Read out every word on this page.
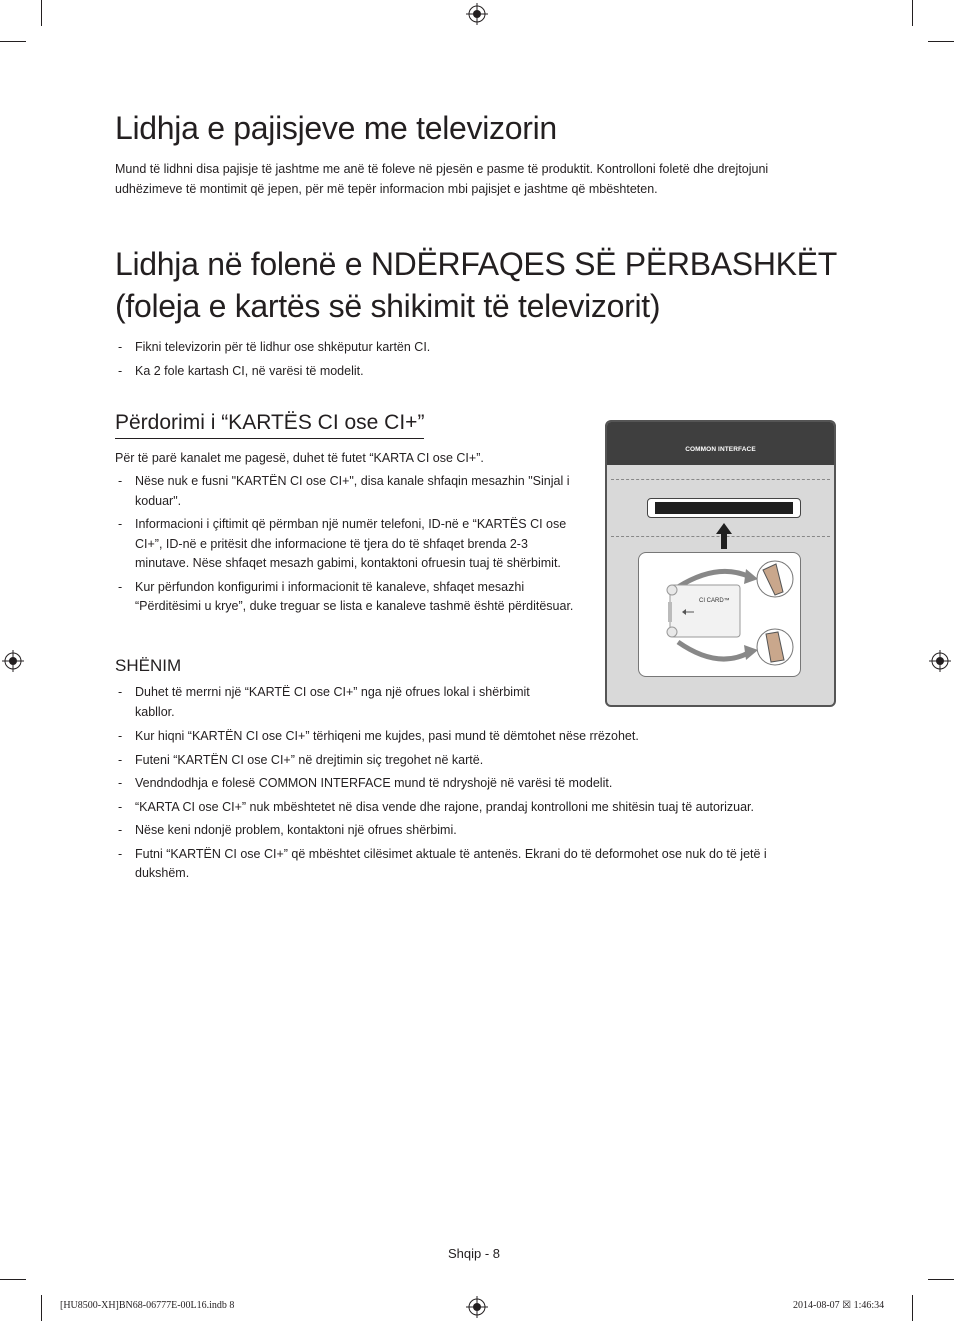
Lidhja e pajisjeve me televizorin

Mund të lidhni disa pajisje të jashtme me anë të foleve në pjesën e pasme të produktit. Kontrolloni foletë dhe drejtojuni udhëzimeve të montimit që jepen, për më tepër informacion mbi pajisjet e jashtme që mbështeten.

Lidhja në folenë e NDËRFAQES SË PËRBASHKËT
(foleja e kartës së shikimit të televizorit)
- Fikni televizorin për të lidhur ose shkëputur kartën CI.
- Ka 2 fole kartash CI, në varësi të modelit.
Përdorimi i “KARTËS CI ose CI+”

Për të parë kanalet me pagesë, duhet të futet “KARTA CI ose CI+”.

- Nëse nuk e fusni "KARTËN CI ose CI+", disa kanale shfaqin mesazhin "Sinjal i koduar".
- Informacioni i çiftimit që përmban një numër telefoni, ID-në e “KARTËS CI ose CI+”, ID-në e pritësit dhe informacione të tjera do të shfaqet brenda 2-3 minutave. Nëse shfaqet mesazh gabimi, kontaktoni ofruesin tuaj të shërbimit.
- Kur përfundon konfigurimi i informacionit të kanaleve, shfaqet mesazhi “Përditësimi u krye”, duke treguar se lista e kanaleve tashmë është përditësuar.
SHËNIM
- Duhet të merrni një “KARTË CI ose CI+” nga një ofrues lokal i shërbimit kabllor.
- Kur hiqni “KARTËN CI ose CI+” tërhiqeni me kujdes, pasi mund të dëmtohet nëse rrëzohet.
- Futeni “KARTËN CI ose CI+” në drejtimin siç tregohet në kartë.
- Vendndodhja e folesë COMMON INTERFACE mund të ndryshojë në varësi të modelit.
- “KARTA CI ose CI+” nuk mbështetet në disa vende dhe rajone, prandaj kontrolloni me shitësin tuaj të autorizuar.
- Nëse keni ndonjë problem, kontaktoni një ofrues shërbimi.
- Futni “KARTËN CI ose CI+” që mbështet cilësimet aktuale të antenës. Ekrani do të deformohet ose nuk do të jetë i dukshëm.
COMMON INTERFACE
CI CARD™
Shqip - 8
[HU8500-XH]BN68-06777E-00L16.indb 8	2014-08-07 ☒ 1:46:34
